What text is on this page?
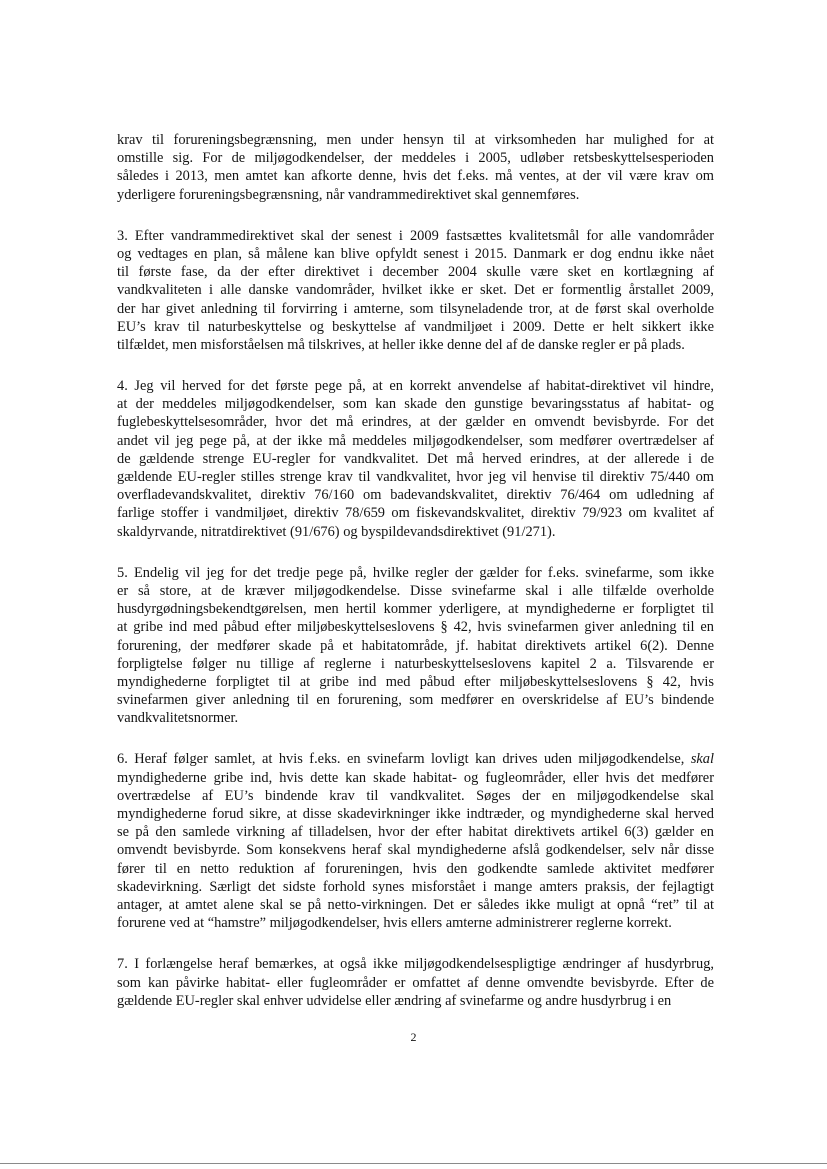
krav til forureningsbegrænsning, men under hensyn til at virksomheden har mulighed for at

omstille sig. For de miljøgodkendelser, der meddeles i 2005, udløber retsbeskyttelsesperioden

således i 2013, men amtet kan afkorte denne, hvis det f.eks. må ventes, at der vil være krav om

yderligere forureningsbegrænsning, når vandrammedirektivet skal gennemføres.

3. Efter vandrammedirektivet skal der senest i 2009 fastsættes kvalitetsmål for alle vandområder

og vedtages en plan, så målene kan blive opfyldt senest i 2015. Danmark er dog endnu ikke nået

til første fase, da der efter direktivet i december 2004 skulle være sket en kortlægning af

vandkvaliteten i alle danske vandområder, hvilket ikke er sket. Det er formentlig årstallet 2009,

der har givet anledning til forvirring i amterne, som tilsyneladende tror, at de først skal overholde

EU’s krav til naturbeskyttelse og beskyttelse af vandmiljøet i 2009. Dette er helt sikkert ikke

tilfældet, men misforståelsen må tilskrives, at heller ikke denne del af de danske regler er på plads.

4. Jeg vil herved for det første pege på, at en korrekt anvendelse af habitat-direktivet vil hindre,

at der meddeles miljøgodkendelser, som kan skade den gunstige bevaringsstatus af habitat- og

fuglebeskyttelsesområder, hvor det må erindres, at der gælder en omvendt bevisbyrde. For det

andet vil jeg pege på, at der ikke må meddeles miljøgodkendelser, som medfører overtrædelser af

de gældende strenge EU-regler for vandkvalitet. Det må herved erindres, at der allerede i de

gældende EU-regler stilles strenge krav til vandkvalitet, hvor jeg vil henvise til direktiv 75/440 om

overfladevandskvalitet, direktiv 76/160 om badevandskvalitet, direktiv 76/464 om udledning af

farlige stoffer i vandmiljøet, direktiv 78/659 om fiskevandskvalitet, direktiv 79/923 om kvalitet af

skaldyrvande, nitratdirektivet (91/676) og byspildevandsdirektivet (91/271).

5. Endelig vil jeg for det tredje pege på, hvilke regler der gælder for f.eks. svinefarme, som ikke

er så store, at de kræver miljøgodkendelse. Disse svinefarme skal i alle tilfælde overholde

husdyrgødningsbekendtgørelsen, men hertil kommer yderligere, at myndighederne er forpligtet til

at gribe ind med påbud efter miljøbeskyttelseslovens § 42, hvis svinefarmen giver anledning til en

forurening, der medfører skade på et habitatområde, jf. habitat direktivets artikel 6(2). Denne

forpligtelse følger nu tillige af reglerne i naturbeskyttelseslovens kapitel 2 a. Tilsvarende er

myndighederne forpligtet til at gribe ind med påbud efter miljøbeskyttelseslovens § 42, hvis

svinefarmen giver anledning til en forurening, som medfører en overskridelse af EU’s bindende

vandkvalitetsnormer.

6. Heraf følger samlet, at hvis f.eks. en svinefarm lovligt kan drives uden miljøgodkendelse, skal

myndighederne gribe ind, hvis dette kan skade habitat- og fugleområder, eller hvis det medfører

overtrædelse af EU’s bindende krav til vandkvalitet. Søges der en miljøgodkendelse skal

myndighederne forud sikre, at disse skadevirkninger ikke indtræder, og myndighederne skal herved

se på den samlede virkning af tilladelsen, hvor der efter habitat direktivets artikel 6(3) gælder en

omvendt bevisbyrde. Som konsekvens heraf skal myndighederne afslå godkendelser, selv når disse

fører til en netto reduktion af forureningen, hvis den godkendte samlede aktivitet medfører

skadevirkning. Særligt det sidste forhold synes misforstået i mange amters praksis, der fejlagtigt

antager, at amtet alene skal se på netto-virkningen. Det er således ikke muligt at opnå “ret” til at

forurene ved at “hamstre” miljøgodkendelser, hvis ellers amterne administrerer reglerne korrekt.

7. I forlængelse heraf bemærkes, at også ikke miljøgodkendelsespligtige ændringer af husdyrbrug,

som kan påvirke habitat- eller fugleområder er omfattet af denne omvendte bevisbyrde. Efter de

gældende EU-regler skal enhver udvidelse eller ændring af svinefarme og andre husdyrbrug i en

2
